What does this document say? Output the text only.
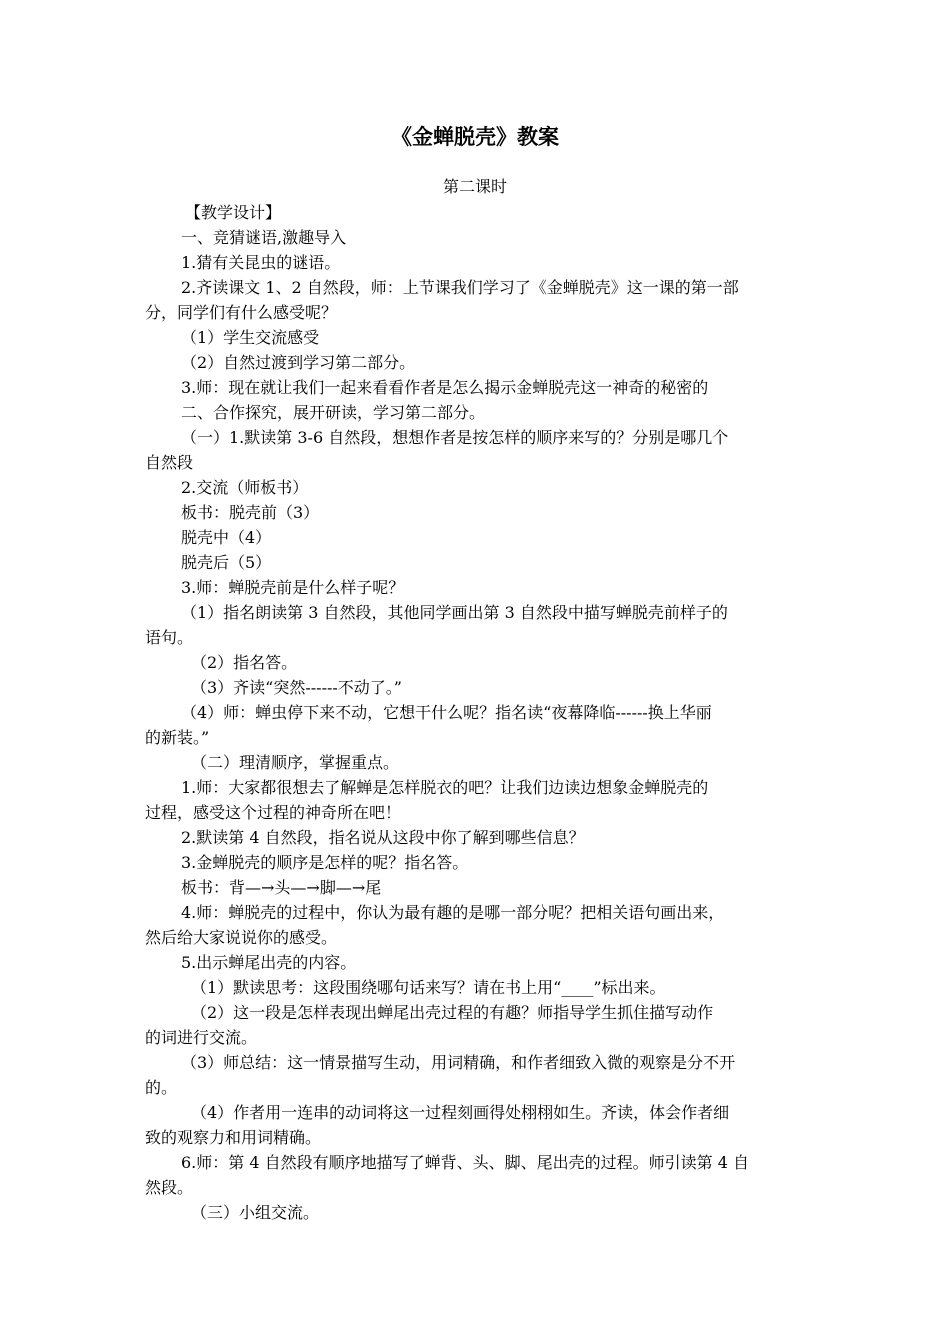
《金蝉脱壳》教案
第二课时
【教学设计】
一、竞猜谜语,激趣导入
1.猜有关昆虫的谜语。
2.齐读课文 1、2 自然段，师：上节课我们学习了《金蝉脱壳》这一课的第一部
分，同学们有什么感受呢？
（1）学生交流感受
（2）自然过渡到学习第二部分。
3.师：现在就让我们一起来看看作者是怎么揭示金蝉脱壳这一神奇的秘密的
二、合作探究，展开研读，学习第二部分。
（一）1.默读第 3-6 自然段，想想作者是按怎样的顺序来写的？分别是哪几个
自然段
2.交流（师板书）
板书：脱壳前（3）
脱壳中（4）
脱壳后（5）
3.师：蝉脱壳前是什么样子呢？
（1）指名朗读第 3 自然段，其他同学画出第 3 自然段中描写蝉脱壳前样子的
语句。
（2）指名答。
（3）齐读“突然------不动了。”
（4）师：蝉虫停下来不动，它想干什么呢？指名读“夜幕降临------换上华丽
的新装。”
（二）理清顺序，掌握重点。
1.师：大家都很想去了解蝉是怎样脱衣的吧？让我们边读边想象金蝉脱壳的
过程，感受这个过程的神奇所在吧！
2.默读第 4 自然段，指名说从这段中你了解到哪些信息？
3.金蝉脱壳的顺序是怎样的呢？指名答。
板书：背—→头—→脚—→尾
4.师：蝉脱壳的过程中，你认为最有趣的是哪一部分呢？把相关语句画出来，
然后给大家说说你的感受。
5.出示蝉尾出壳的内容。
（1）默读思考：这段围绕哪句话来写？请在书上用“____”标出来。
（2）这一段是怎样表现出蝉尾出壳过程的有趣？师指导学生抓住描写动作
的词进行交流。
（3）师总结：这一情景描写生动，用词精确，和作者细致入微的观察是分不开
的。
（4）作者用一连串的动词将这一过程刻画得处栩栩如生。齐读，体会作者细
致的观察力和用词精确。
6.师：第 4 自然段有顺序地描写了蝉背、头、脚、尾出壳的过程。师引读第 4 自
然段。
（三）小组交流。
